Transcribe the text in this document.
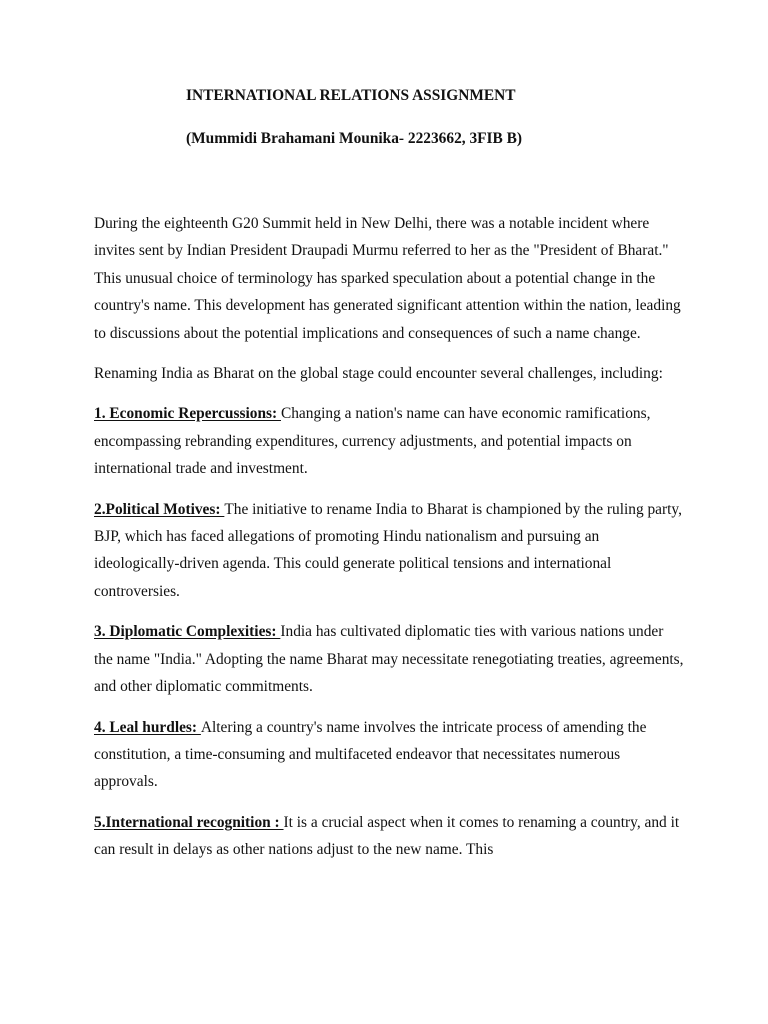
INTERNATIONAL RELATIONS ASSIGNMENT

(Mummidi Brahamani Mounika- 2223662, 3FIB B)

During the eighteenth G20 Summit held in New Delhi, there was a notable incident where invites sent by Indian President Draupadi Murmu referred to her as the "President of Bharat." This unusual choice of terminology has sparked speculation about a potential change in the country's name. This development has generated significant attention within the nation, leading to discussions about the potential implications and consequences of such a name change.

Renaming India as Bharat on the global stage could encounter several challenges, including:

1. Economic Repercussions: Changing a nation's name can have economic ramifications, encompassing rebranding expenditures, currency adjustments, and potential impacts on international trade and investment.

2.Political Motives: The initiative to rename India to Bharat is championed by the ruling party, BJP, which has faced allegations of promoting Hindu nationalism and pursuing an ideologically-driven agenda. This could generate political tensions and international controversies.

3. Diplomatic Complexities: India has cultivated diplomatic ties with various nations under the name "India." Adopting the name Bharat may necessitate renegotiating treaties, agreements, and other diplomatic commitments.

4. Leal hurdles: Altering a country's name involves the intricate process of amending the constitution, a time-consuming and multifaceted endeavor that necessitates numerous approvals.

5.International recognition : It is a crucial aspect when it comes to renaming a country, and it can result in delays as other nations adjust to the new name. This
